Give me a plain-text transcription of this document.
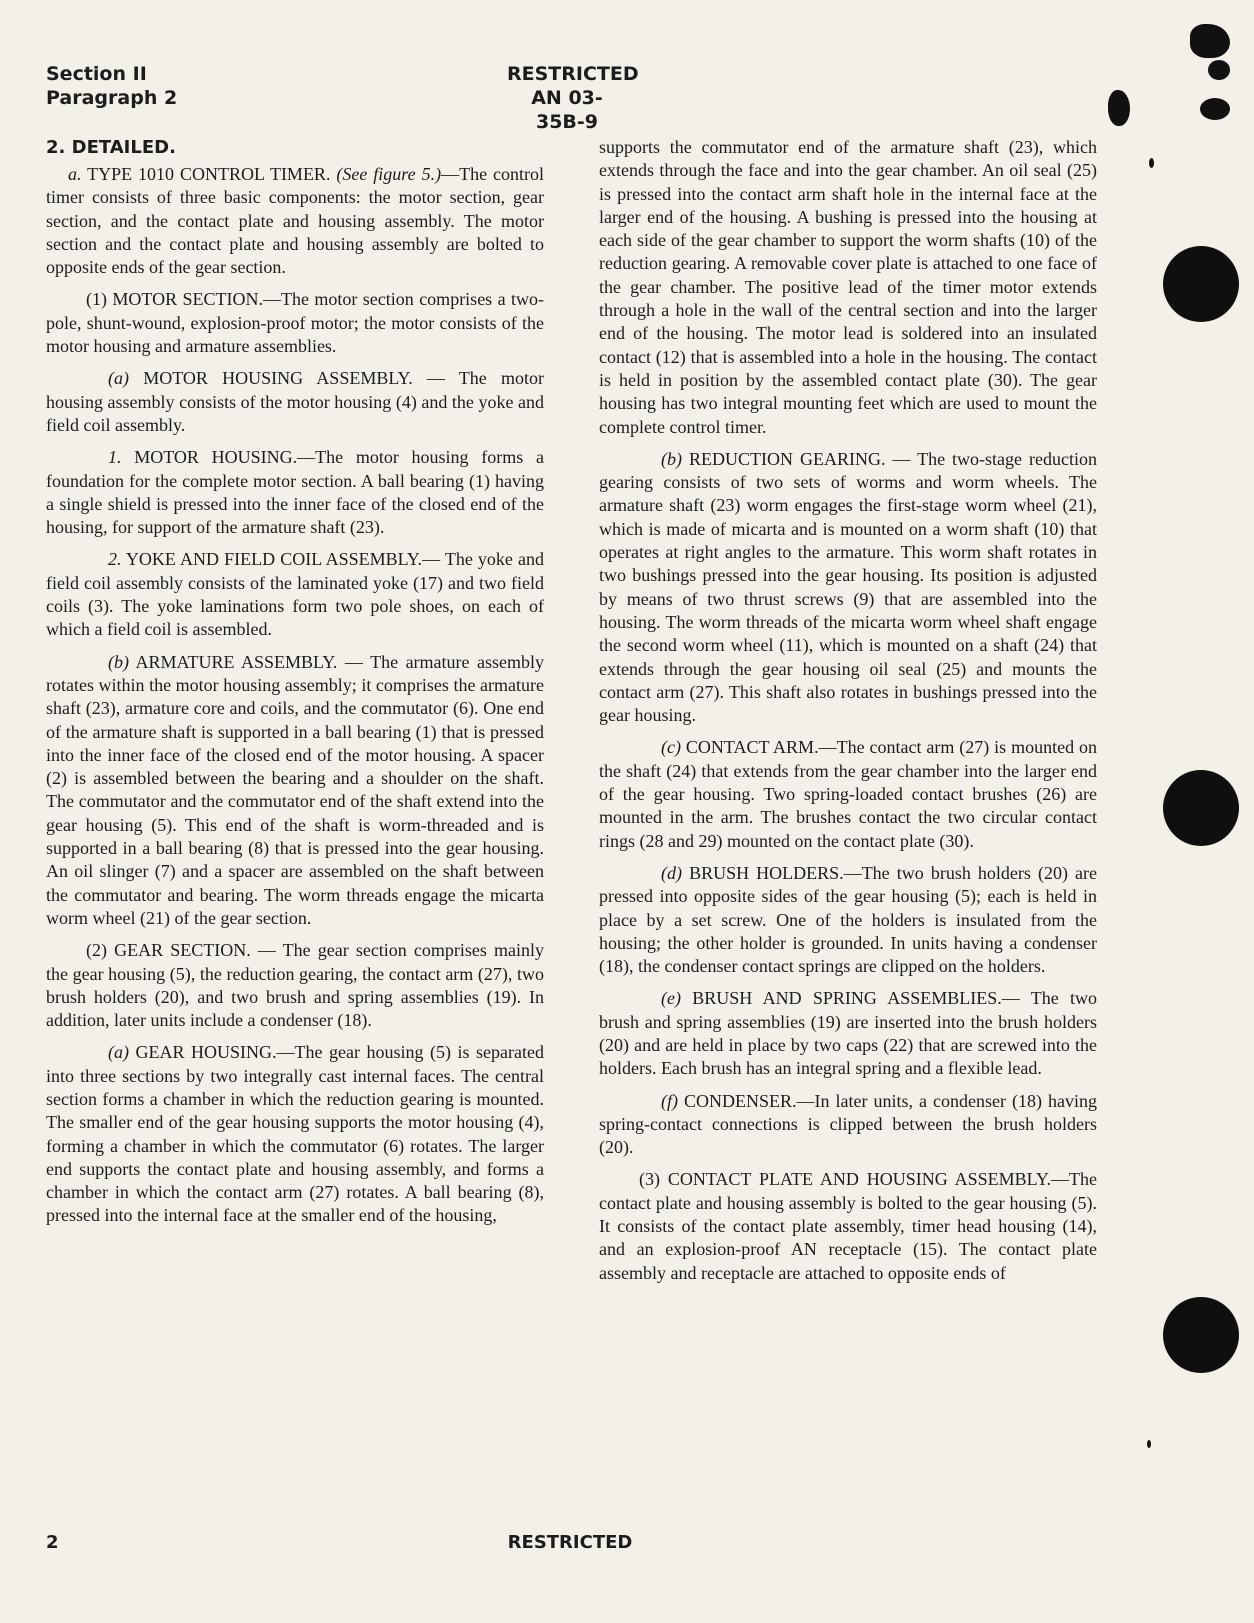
Section II
Paragraph 2
RESTRICTED
AN 03-35B-9
2. DETAILED.

a. TYPE 1010 CONTROL TIMER. (See figure 5.)—The control timer consists of three basic components: the motor section, gear section, and the contact plate and housing assembly. The motor section and the contact plate and housing assembly are bolted to opposite ends of the gear section.

(1) MOTOR SECTION.—The motor section comprises a two-pole, shunt-wound, explosion-proof motor; the motor consists of the motor housing and armature assemblies.

(a) MOTOR HOUSING ASSEMBLY. — The motor housing assembly consists of the motor housing (4) and the yoke and field coil assembly.

1. MOTOR HOUSING.—The motor housing forms a foundation for the complete motor section. A ball bearing (1) having a single shield is pressed into the inner face of the closed end of the housing, for support of the armature shaft (23).

2. YOKE AND FIELD COIL ASSEMBLY.— The yoke and field coil assembly consists of the laminated yoke (17) and two field coils (3). The yoke laminations form two pole shoes, on each of which a field coil is assembled.

(b) ARMATURE ASSEMBLY. — The armature assembly rotates within the motor housing assembly; it comprises the armature shaft (23), armature core and coils, and the commutator (6). One end of the armature shaft is supported in a ball bearing (1) that is pressed into the inner face of the closed end of the motor housing. A spacer (2) is assembled between the bearing and a shoulder on the shaft. The commutator and the commutator end of the shaft extend into the gear housing (5). This end of the shaft is worm-threaded and is supported in a ball bearing (8) that is pressed into the gear housing. An oil slinger (7) and a spacer are assembled on the shaft between the commutator and bearing. The worm threads engage the micarta worm wheel (21) of the gear section.

(2) GEAR SECTION. — The gear section comprises mainly the gear housing (5), the reduction gearing, the contact arm (27), two brush holders (20), and two brush and spring assemblies (19). In addition, later units include a condenser (18).

(a) GEAR HOUSING.—The gear housing (5) is separated into three sections by two integrally cast internal faces. The central section forms a chamber in which the reduction gearing is mounted. The smaller end of the gear housing supports the motor housing (4), forming a chamber in which the commutator (6) rotates. The larger end supports the contact plate and housing assembly, and forms a chamber in which the contact arm (27) rotates. A ball bearing (8), pressed into the internal face at the smaller end of the housing,

supports the commutator end of the armature shaft (23), which extends through the face and into the gear chamber. An oil seal (25) is pressed into the contact arm shaft hole in the internal face at the larger end of the housing. A bushing is pressed into the housing at each side of the gear chamber to support the worm shafts (10) of the reduction gearing. A removable cover plate is attached to one face of the gear chamber. The positive lead of the timer motor extends through a hole in the wall of the central section and into the larger end of the housing. The motor lead is soldered into an insulated contact (12) that is assembled into a hole in the housing. The contact is held in position by the assembled contact plate (30). The gear housing has two integral mounting feet which are used to mount the complete control timer.

(b) REDUCTION GEARING. — The two-stage reduction gearing consists of two sets of worms and worm wheels. The armature shaft (23) worm engages the first-stage worm wheel (21), which is made of micarta and is mounted on a worm shaft (10) that operates at right angles to the armature. This worm shaft rotates in two bushings pressed into the gear housing. Its position is adjusted by means of two thrust screws (9) that are assembled into the housing. The worm threads of the micarta worm wheel shaft engage the second worm wheel (11), which is mounted on a shaft (24) that extends through the gear housing oil seal (25) and mounts the contact arm (27). This shaft also rotates in bushings pressed into the gear housing.

(c) CONTACT ARM.—The contact arm (27) is mounted on the shaft (24) that extends from the gear chamber into the larger end of the gear housing. Two spring-loaded contact brushes (26) are mounted in the arm. The brushes contact the two circular contact rings (28 and 29) mounted on the contact plate (30).

(d) BRUSH HOLDERS.—The two brush holders (20) are pressed into opposite sides of the gear housing (5); each is held in place by a set screw. One of the holders is insulated from the housing; the other holder is grounded. In units having a condenser (18), the condenser contact springs are clipped on the holders.

(e) BRUSH AND SPRING ASSEMBLIES.— The two brush and spring assemblies (19) are inserted into the brush holders (20) and are held in place by two caps (22) that are screwed into the holders. Each brush has an integral spring and a flexible lead.

(f) CONDENSER.—In later units, a condenser (18) having spring-contact connections is clipped between the brush holders (20).

(3) CONTACT PLATE AND HOUSING ASSEMBLY.—The contact plate and housing assembly is bolted to the gear housing (5). It consists of the contact plate assembly, timer head housing (14), and an explosion-proof AN receptacle (15). The contact plate assembly and receptacle are attached to opposite ends of

2	RESTRICTED
